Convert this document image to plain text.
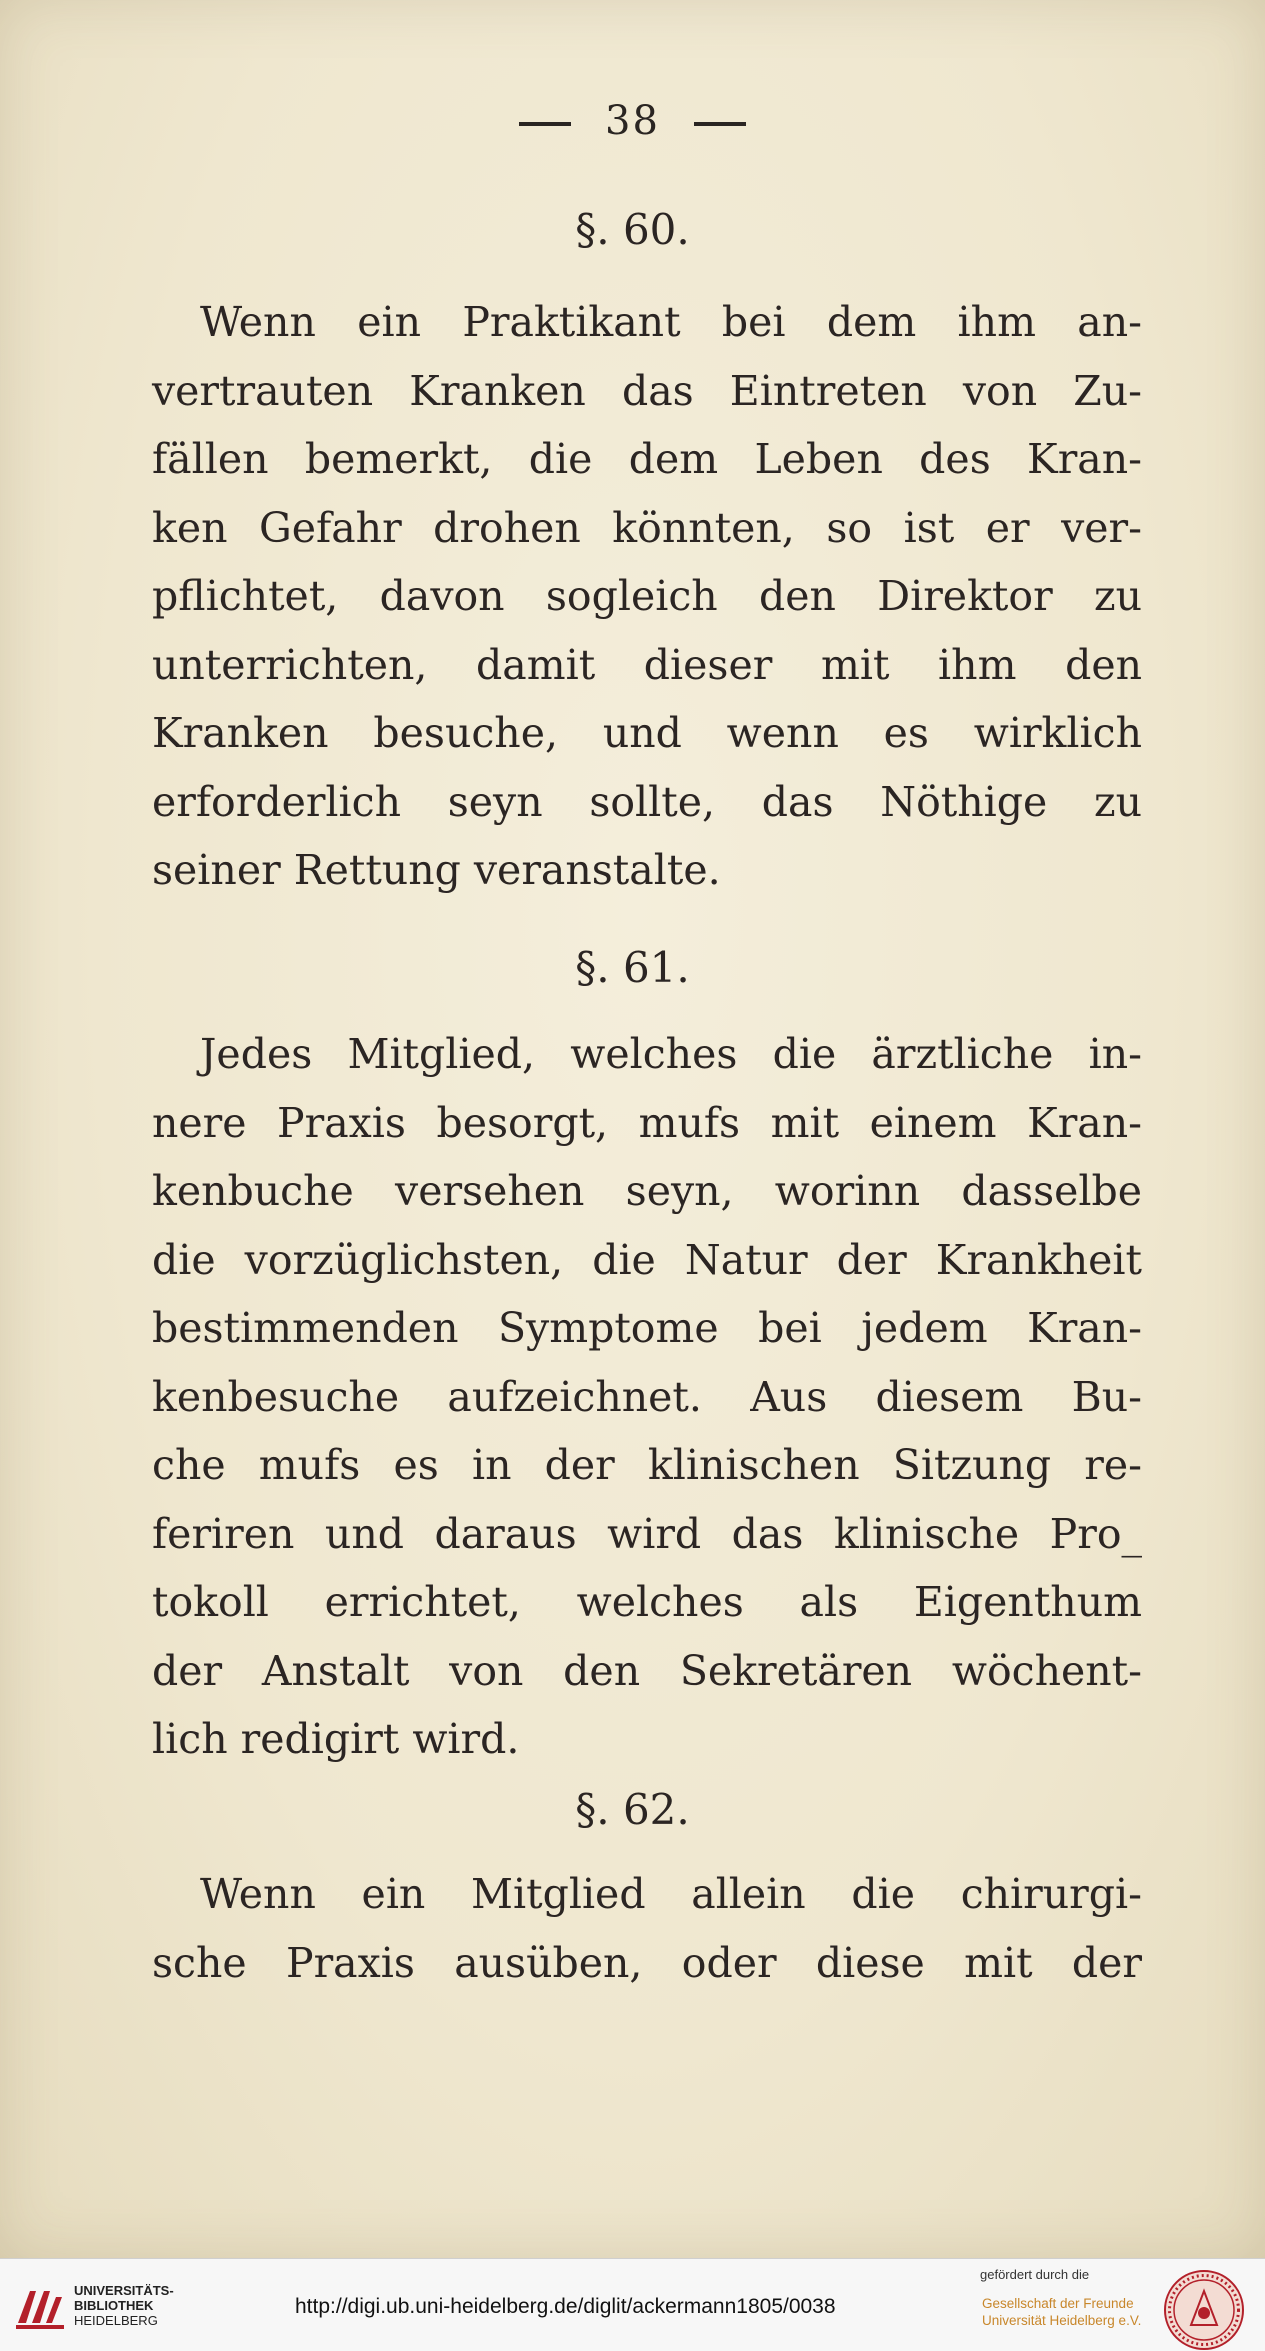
38
§. 60.
Wenn ein Praktikant bei dem ihm an-
vertrauten Kranken das Eintreten von Zu-
fällen bemerkt, die dem Leben des Kran-
ken Gefahr drohen könnten, so ist er ver-
pflichtet, davon sogleich den Direktor zu
unterrichten, damit dieser mit ihm den
Kranken besuche, und wenn es wirklich
erforderlich seyn sollte, das Nöthige zu
seiner Rettung veranstalte.
§. 61.
Jedes Mitglied, welches die ärztliche in-
nere Praxis besorgt, mufs mit einem Kran-
kenbuche versehen seyn, worinn dasselbe
die vorzüglichsten, die Natur der Krankheit
bestimmenden Symptome bei jedem Kran-
kenbesuche aufzeichnet. Aus diesem Bu-
che mufs es in der klinischen Sitzung re-
feriren und daraus wird das klinische Pro_
tokoll errichtet, welches als Eigenthum
der Anstalt von den Sekretären wöchent-
lich redigirt wird.
§. 62.
Wenn ein Mitglied allein die chirurgi-
sche Praxis ausüben, oder diese mit der
UNIVERSITÄTS-
BIBLIOTHEK
HEIDELBERG
http://digi.ub.uni-heidelberg.de/diglit/ackermann1805/0038
gefördert durch die
Gesellschaft der Freunde
Universität Heidelberg e.V.
